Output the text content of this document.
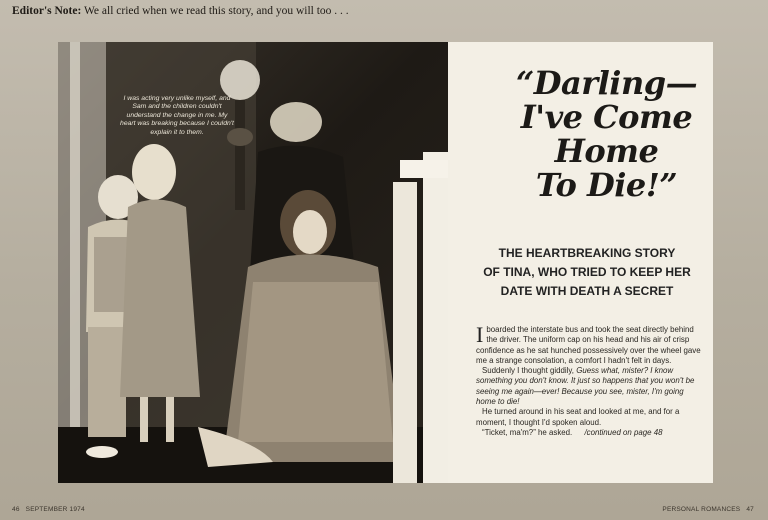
Editor's Note: We all cried when we read this story, and you will too . . .
I was acting very unlike myself, and Sam and the children couldn't understand the change in me. My heart was breaking because I couldn't explain it to them.
“Darling—
I've Come
Home
To Die!”
THE HEARTBREAKING STORY
OF TINA, WHO TRIED TO KEEP HER
DATE WITH DEATH A SECRET

Iboarded the interstate bus and took the seat directly behind the driver. The uniform cap on his head and his air of crisp confidence as he sat hunched possessively over the wheel gave me a strange consolation, a comfort I hadn't felt in days.

Suddenly I thought giddily, Guess what, mister? I know something you don't know. It just so happens that you won't be seeing me again—ever! Because you see, mister, I'm going home to die!

He turned around in his seat and looked at me, and for a moment, I thought I'd spoken aloud.

“Ticket, ma'm?” he asked. /continued on page 48

46 SEPTEMBER 1974	PERSONAL ROMANCES 47
